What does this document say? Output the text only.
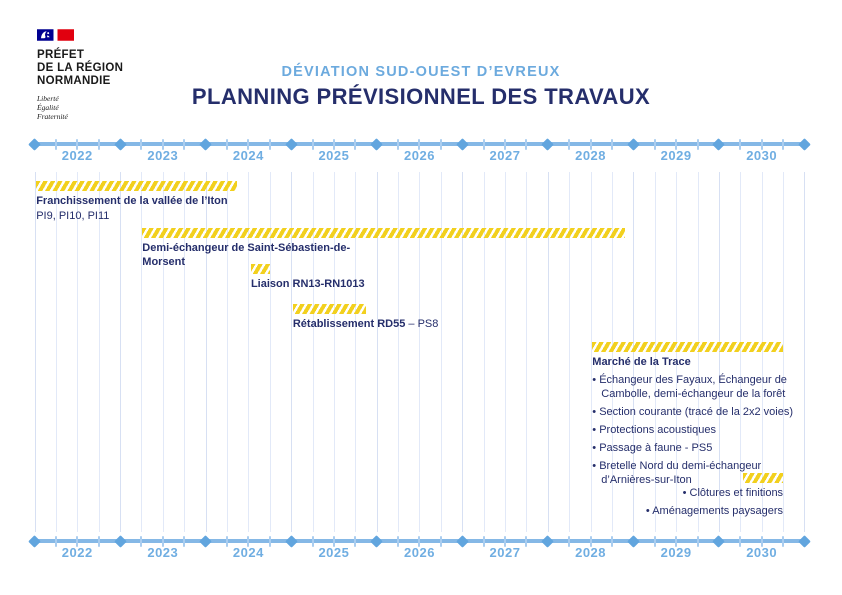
PRÉFET
DE LA RÉGION
NORMANDIE
Liberté
Égalité
Fraternité
DÉVIATION SUD-OUEST D’EVREUX
PLANNING PRÉVISIONNEL DES TRAVAUX
2022	2023	2024	2025	2026	2027	2028	2029	2030
2022	2023	2024	2025	2026	2027	2028	2029	2030
Franchissement de la vallée de l’Iton
PI9, PI10, PI11
Demi-échangeur de Saint-Sébastien-de-Morsent
Liaison RN13-RN1013
Rétablissement RD55 – PS8
Marché de la Trace
• Échangeur des Fayaux, Échangeur de Cambolle, demi-échangeur de la forêt
• Section courante (tracé de la 2x2 voies)
• Protections acoustiques
• Passage à faune - PS5
• Bretelle Nord du demi-échangeur d’Arnières-sur-Iton
• Clôtures et finitions
• Aménagements paysagers
